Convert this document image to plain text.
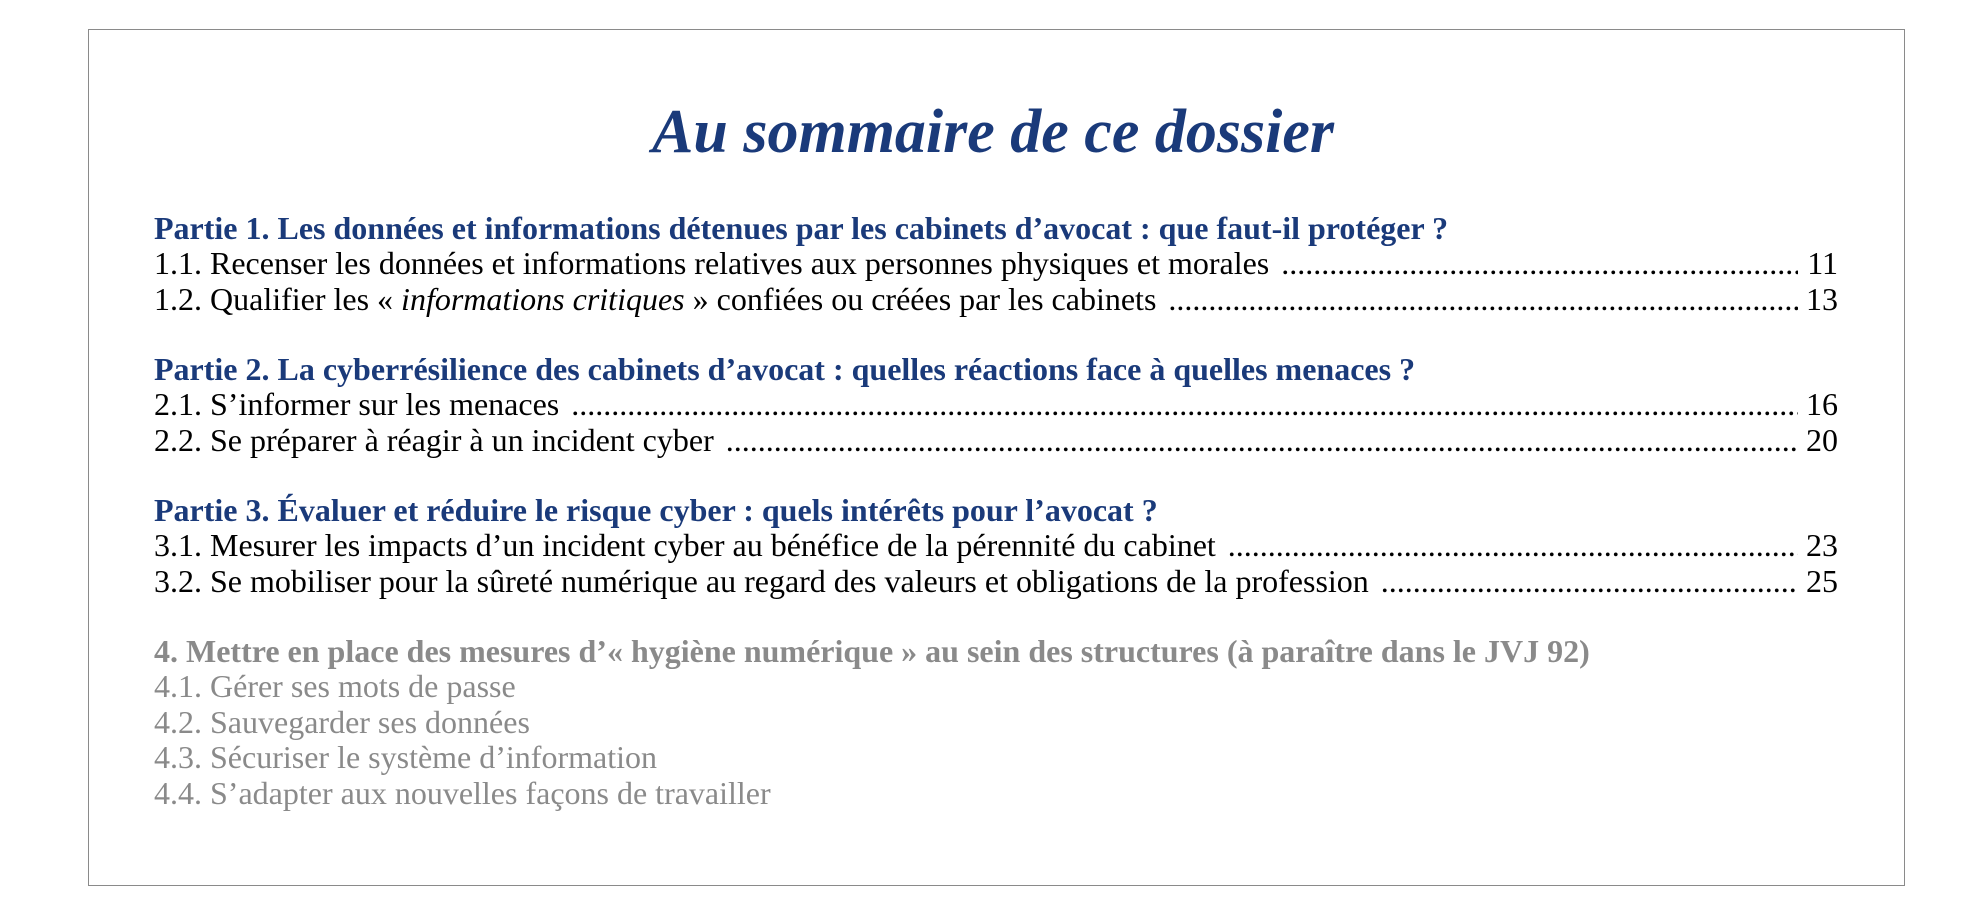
Au sommaire de ce dossier
Partie 1. Les données et informations détenues par les cabinets d’avocat : que faut-il protéger ?
1.1. Recenser les données et informations relatives aux personnes physiques et morales .....	11
1.2. Qualifier les « informations critiques » confiées ou créées par les cabinets .....	13
Partie 2. La cyberrésilience des cabinets d’avocat : quelles réactions face à quelles menaces ?
2.1. S’informer sur les menaces .....	16
2.2. Se préparer à réagir à un incident cyber .....	20
Partie 3. Évaluer et réduire le risque cyber : quels intérêts pour l’avocat ?
3.1. Mesurer les impacts d’un incident cyber au bénéfice de la pérennité du cabinet .....	23
3.2. Se mobiliser pour la sûreté numérique au regard des valeurs et obligations de la profession .....	25
4. Mettre en place des mesures d’« hygiène numérique » au sein des structures (à paraître dans le JVJ 92)
4.1. Gérer ses mots de passe
4.2. Sauvegarder ses données
4.3. Sécuriser le système d’information
4.4. S’adapter aux nouvelles façons de travailler
